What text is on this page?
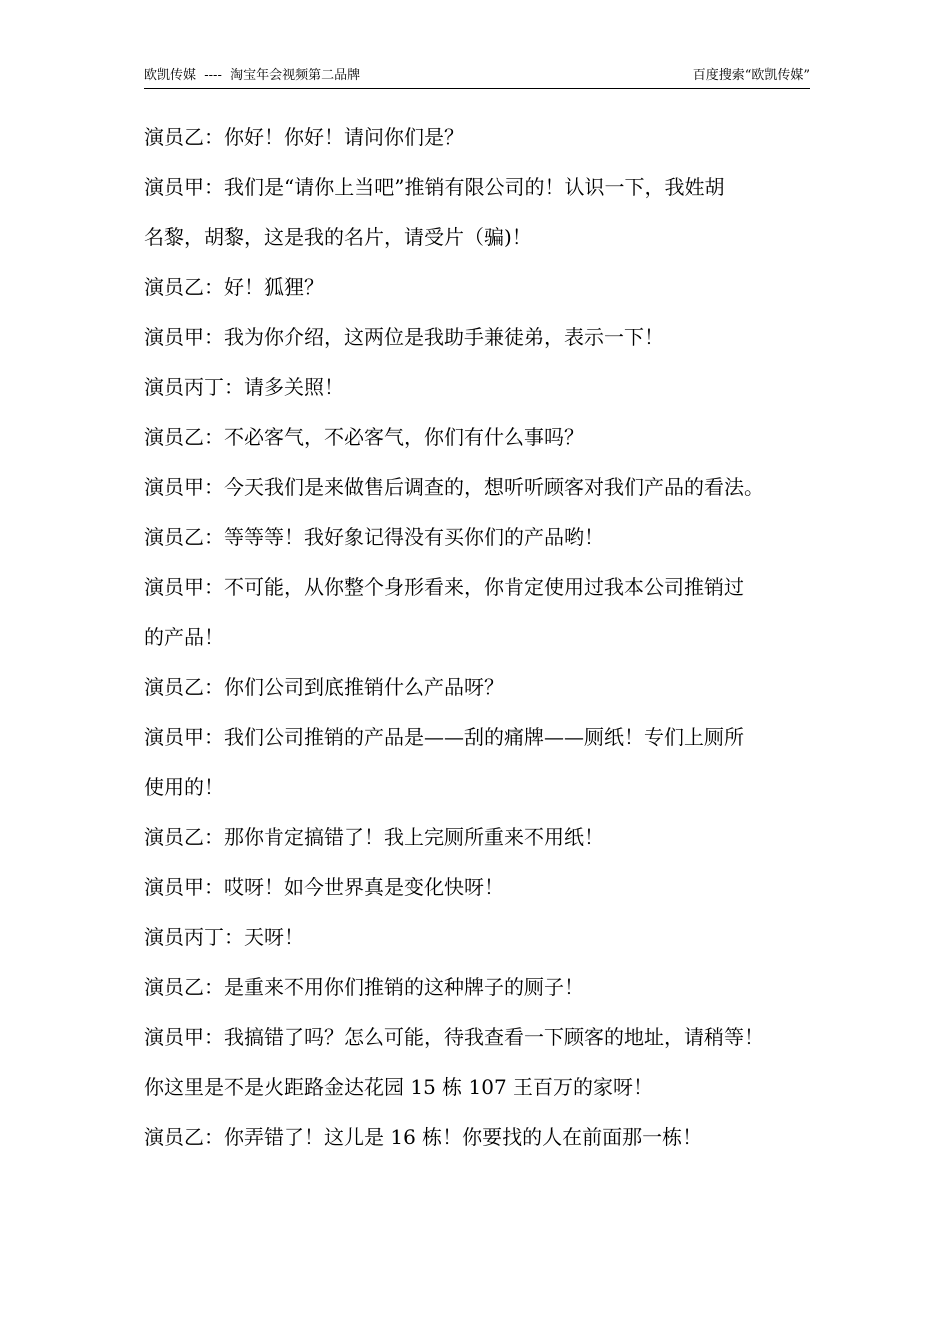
欧凯传媒  ----  淘宝年会视频第二品牌	百度搜索“欧凯传媒”
演员乙：你好！你好！请问你们是？
演员甲：我们是“请你上当吧”推销有限公司的！认识一下，我姓胡
名黎，胡黎，这是我的名片，请受片（骗)！
演员乙：好！狐狸？
演员甲：我为你介绍，这两位是我助手兼徒弟，表示一下！
演员丙丁：请多关照！
演员乙：不必客气，不必客气，你们有什么事吗？
演员甲：今天我们是来做售后调查的，想听听顾客对我们产品的看法。
演员乙：等等等！我好象记得没有买你们的产品哟！
演员甲：不可能，从你整个身形看来，你肯定使用过我本公司推销过
的产品！
演员乙：你们公司到底推销什么产品呀？
演员甲：我们公司推销的产品是——刮的痛牌——厕纸！专们上厕所
使用的！
演员乙：那你肯定搞错了！我上完厕所重来不用纸！
演员甲：哎呀！如今世界真是变化快呀！
演员丙丁：天呀！
演员乙：是重来不用你们推销的这种牌子的厕子！
演员甲：我搞错了吗？怎么可能，待我查看一下顾客的地址，请稍等！
你这里是不是火距路金达花园 15 栋 107 王百万的家呀！
演员乙：你弄错了！这儿是 16 栋！你要找的人在前面那一栋！
